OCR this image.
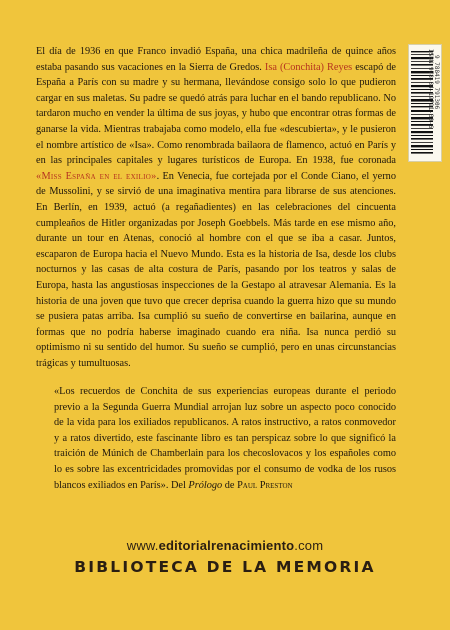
ISBN 978-84-19791-30-6 9 788419 791306

El día de 1936 en que Franco invadió España, una chica madrileña de quince años estaba pasando sus vacaciones en la Sierra de Gredos. Isa (Conchita) Reyes escapó de España a París con su madre y su hermana, llevándose consigo solo lo que pudieron cargar en sus maletas. Su padre se quedó atrás para luchar en el bando republicano. No tardaron mucho en vender la última de sus joyas, y hubo que encontrar otras formas de ganarse la vida. Mientras trabajaba como modelo, ella fue «descubierta», y le pusieron el nombre artístico de «Isa». Como renombrada bailaora de flamenco, actuó en París y en las principales capitales y lugares turísticos de Europa. En 1938, fue coronada «Miss España en el exilio». En Venecia, fue cortejada por el Conde Ciano, el yerno de Mussolini, y se sirvió de una imaginativa mentira para librarse de sus atenciones. En Berlín, en 1939, actuó (a regañadientes) en las celebraciones del cincuenta cumpleaños de Hitler organizadas por Joseph Goebbels. Más tarde en ese mismo año, durante un tour en Atenas, conoció al hombre con el que se iba a casar. Juntos, escaparon de Europa hacia el Nuevo Mundo. Esta es la historia de Isa, desde los clubs nocturnos y las casas de alta costura de París, pasando por los teatros y salas de Europa, hasta las angustiosas inspecciones de la Gestapo al atravesar Alemania. Es la historia de una joven que tuvo que crecer deprisa cuando la guerra hizo que su mundo se pusiera patas arriba. Isa cumplió su sueño de convertirse en bailarina, aunque en formas que no podría haberse imaginado cuando era niña. Isa nunca perdió su optimismo ni su sentido del humor. Su sueño se cumplió, pero en unas circunstancias trágicas y tumultuosas.

«Los recuerdos de Conchita de sus experiencias europeas durante el periodo previo a la Segunda Guerra Mundial arrojan luz sobre un aspecto poco conocido de la vida para los exiliados republicanos. A ratos instructivo, a ratos conmovedor y a ratos divertido, este fascinante libro es tan perspicaz sobre lo que significó la traición de Múnich de Chamberlain para los checoslovacos y los españoles como lo es sobre las excentricidades promovidas por el consumo de vodka de los rusos blancos exiliados en París». Del Prólogo de Paul Preston
www.editorialrenacimiento.com
BIBLIOTECA DE LA MEMORIA
